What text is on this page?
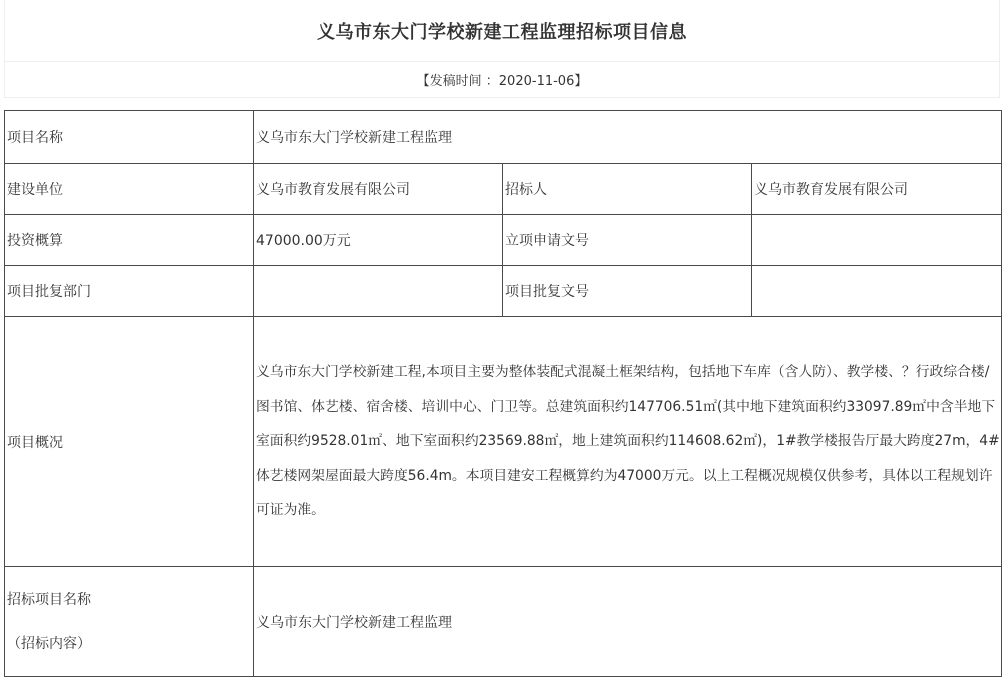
义乌市东大门学校新建工程监理招标项目信息
【发稿时间 ：2020-11-06】
项目名称	义乌市东大门学校新建工程监理		
建设单位	义乌市教育发展有限公司	招标人	义乌市教育发展有限公司
投资概算	47000.00万元	立项申请文号	
项目批复部门		项目批复文号	
项目概况	义乌市东大门学校新建工程,本项目主要为整体装配式混凝土框架结构，包括地下车库（含人防）、教学楼、？行政综合楼/图书馆、体艺楼、宿舍楼、培训中心、门卫等。总建筑面积约147706.51㎡(其中地下建筑面积约33097.89㎡中含半地下室面积约9528.01㎡、地下室面积约23569.88㎡，地上建筑面积约114608.62㎡)，1#教学楼报告厅最大跨度27m，4#体艺楼网架屋面最大跨度56.4m。本项目建安工程概算约为47000万元。以上工程概况规模仅供参考，具体以工程规划许可证为准。		

招标项目名称
（招标内容）	义乌市东大门学校新建工程监理		
